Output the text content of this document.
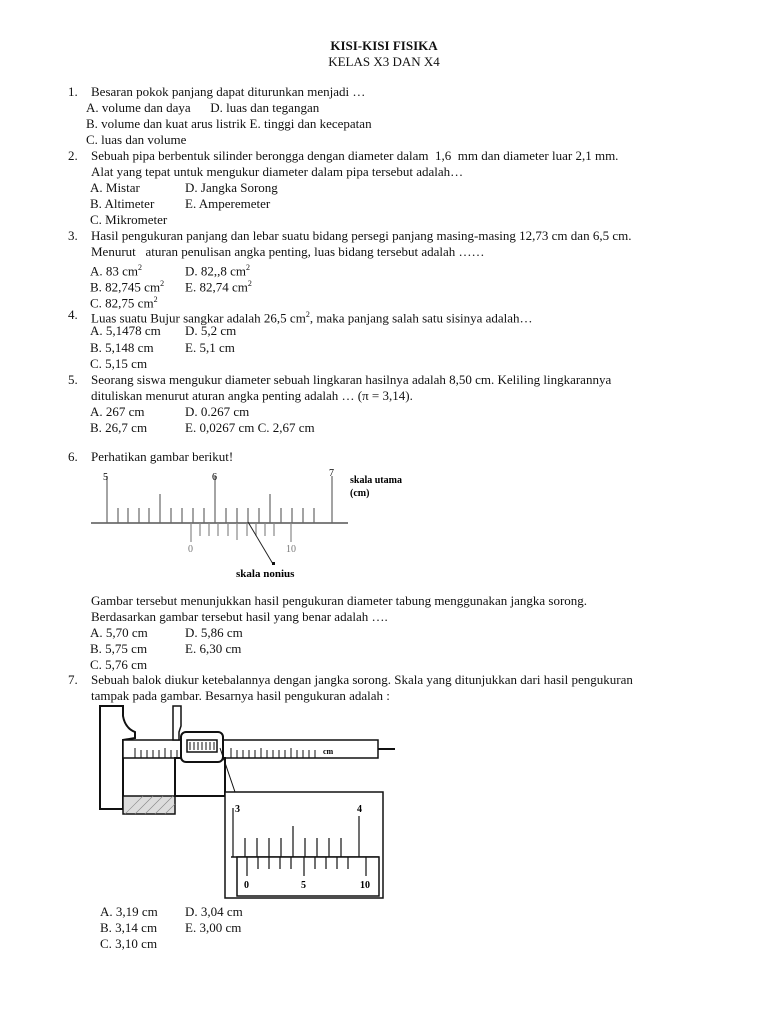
KISI-KISI FISIKA
KELAS X3 DAN X4
1. Besaran pokok panjang dapat diturunkan menjadi …
A. volume dan daya      D. luas dan tegangan
B. volume dan kuat arus listrik E. tinggi dan kecepatan
C. luas dan volume
2. Sebuah pipa berbentuk silinder berongga dengan diameter dalam  1,6  mm dan diameter luar 2,1 mm.
Alat yang tepat untuk mengukur diameter dalam pipa tersebut adalah…
A. Mistar	D. Jangka Sorong
B. Altimeter E. Amperemeter
C. Mikrometer
3. Hasil pengukuran panjang dan lebar suatu bidang persegi panjang masing-masing 12,73 cm dan 6,5 cm.
Menurut   aturan penulisan angka penting, luas bidang tersebut adalah ……
A. 83 $cm^2$	D. 82,,8 $cm^2$
B. 82,745 $cm^2$ E. 82,74 $cm^2$
C. 82,75 $cm^2$
4. Luas suatu Bujur sangkar adalah 26,5 $cm^2$, maka panjang salah satu sisinya adalah…
A. 5,1478 cm D. 5,2 cm
B. 5,148 cm E. 5,1 cm
C. 5,15 cm
5. Seorang siswa mengukur diameter sebuah lingkaran hasilnya adalah 8,50 cm. Keliling lingkarannya
dituliskan menurut aturan angka penting adalah … (π = 3,14).
A. 267 cm	D. 0.267 cm
B. 26,7 cm	E. 0,0267 cm C. 2,67 cm
6. Perhatikan gambar berikut!
5	6	7
skala utama
(cm)
0	10
skala nonius
Gambar tersebut menunjukkan hasil pengukuran diameter tabung menggunakan jangka sorong.
Berdasarkan gambar tersebut hasil yang benar adalah ….
A. 5,70 cm	D. 5,86 cm
B. 5,75 cm	E. 6,30 cm
C. 5,76 cm
7. Sebuah balok diukur ketebalannya dengan jangka sorong. Skala yang ditunjukkan dari hasil pengukuran
tampak pada gambar. Besarnya hasil pengukuran adalah :
cm
3	4
0	5	10
A. 3,19 cm D. 3,04 cm
B. 3,14 cm E. 3,00 cm
C. 3,10 cm
